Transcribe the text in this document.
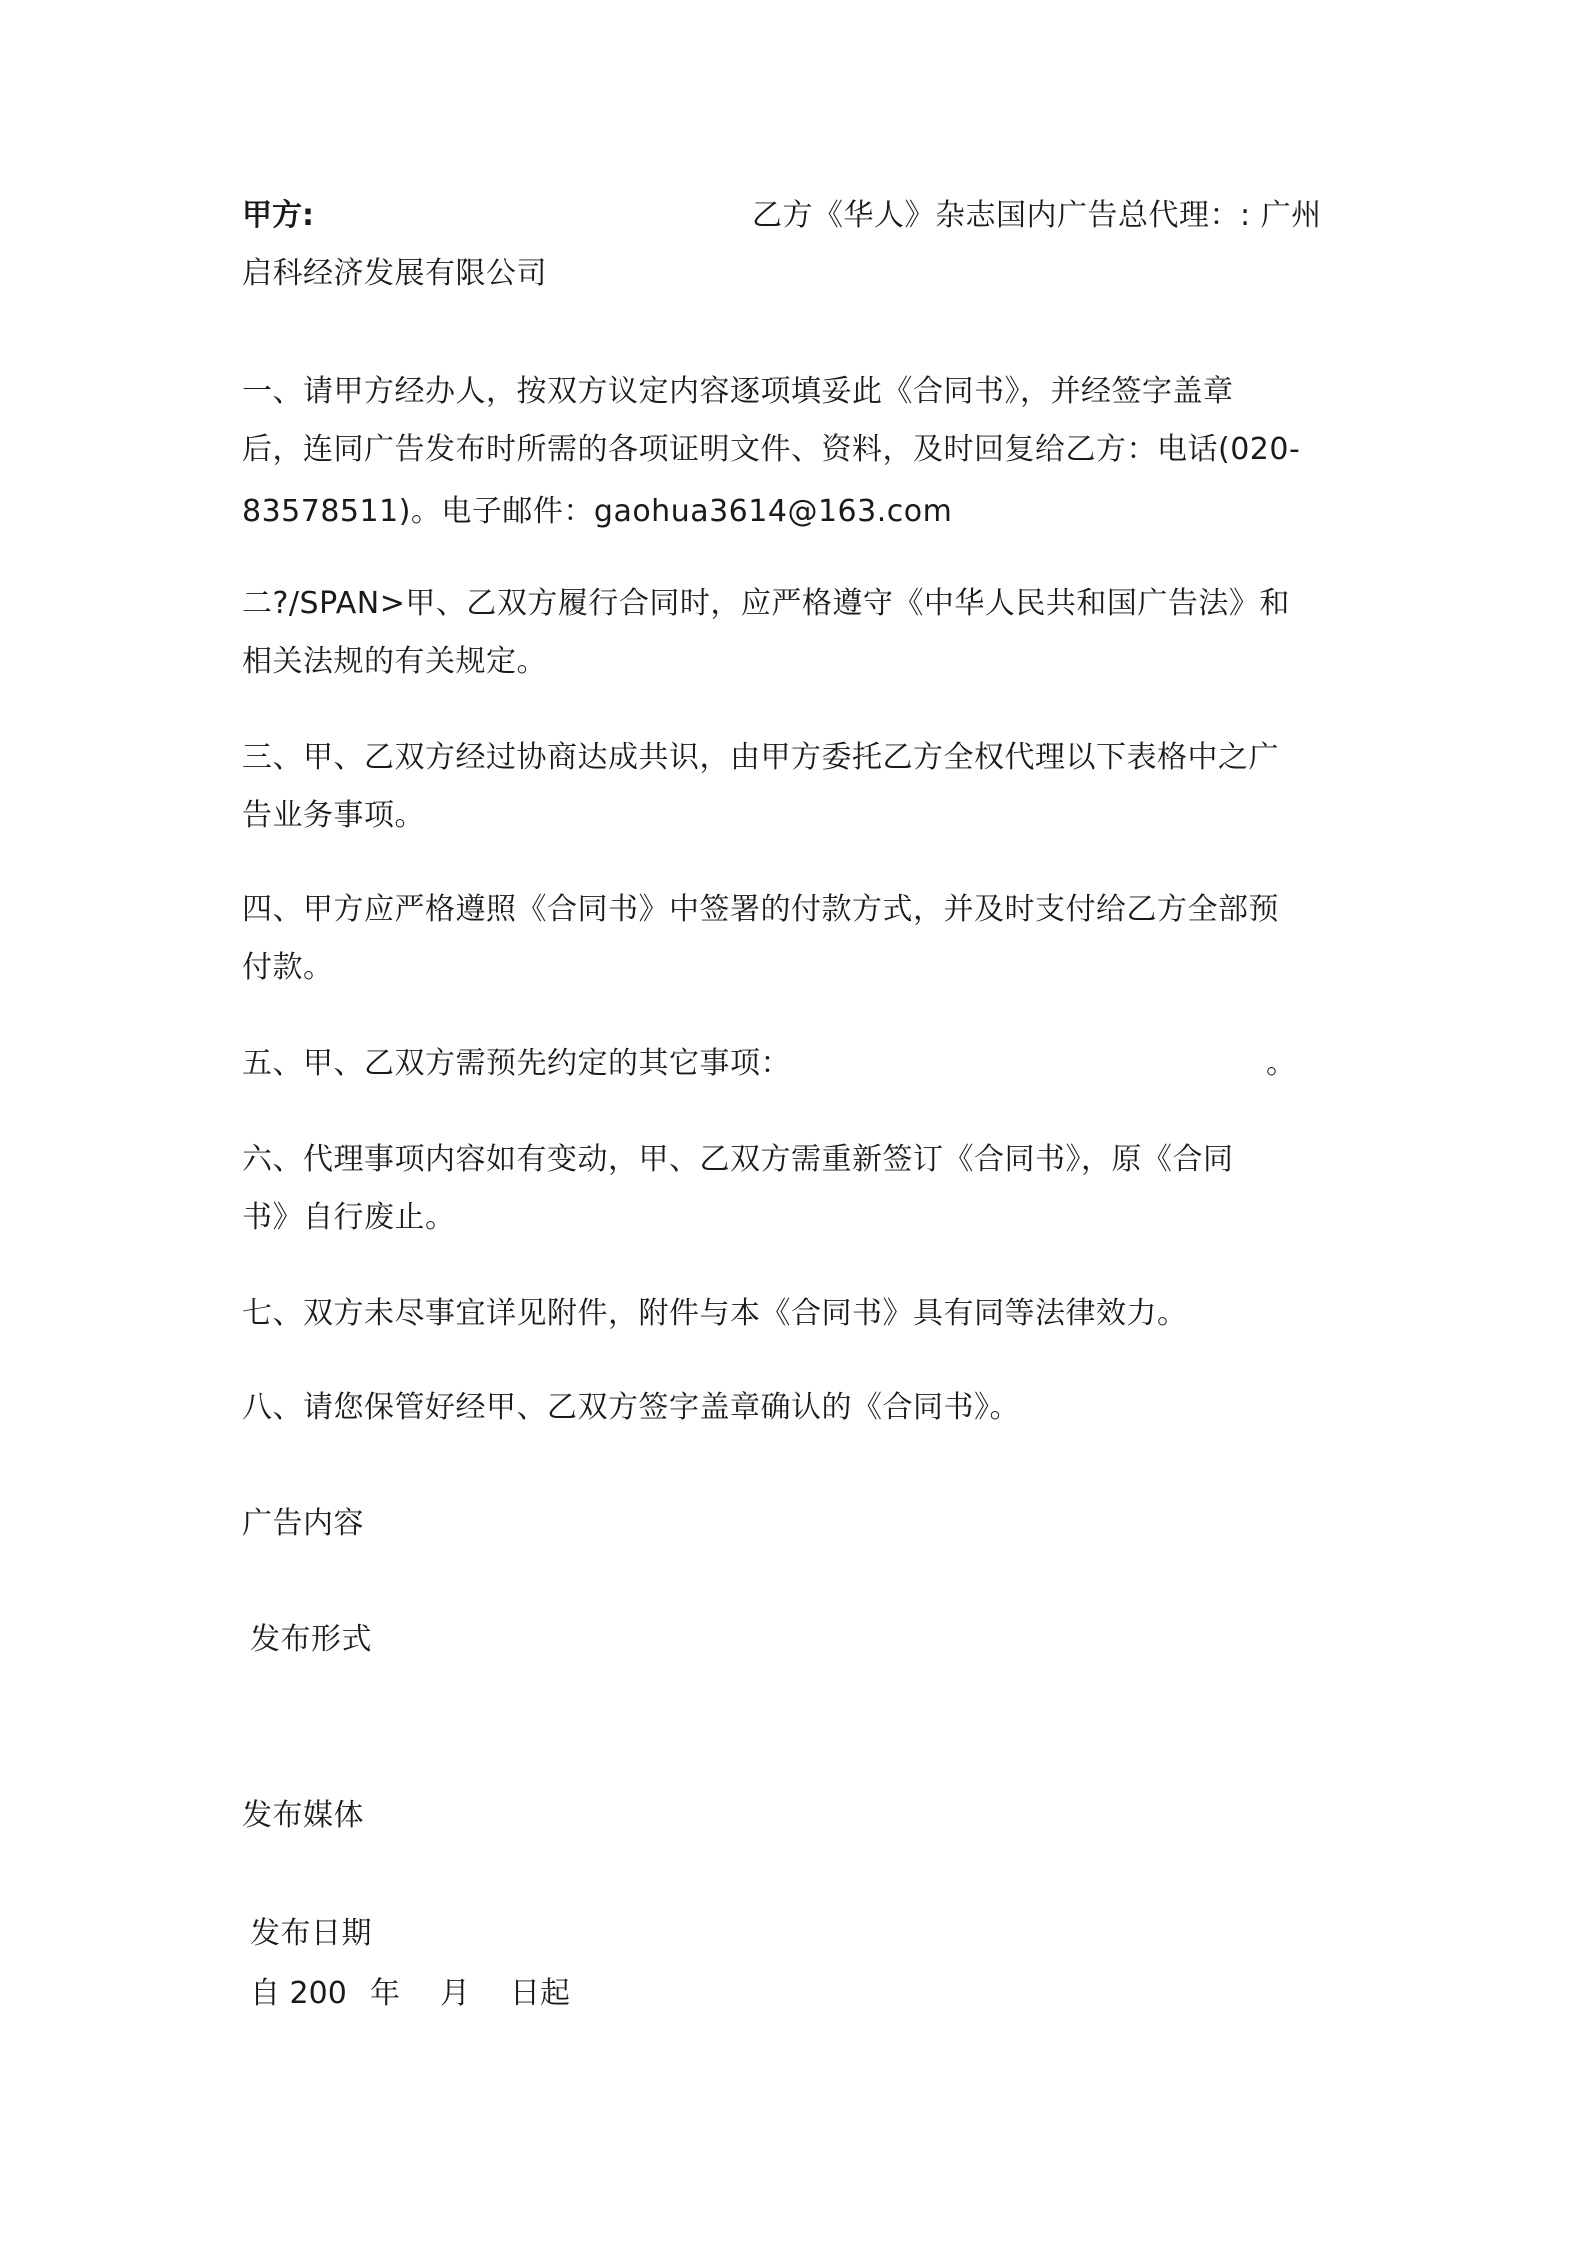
甲方:	乙方《华人》杂志国内广告总代理：: 广州
启科经济发展有限公司
一、请甲方经办人，按双方议定内容逐项填妥此《合同书》，并经签字盖章
后，连同广告发布时所需的各项证明文件、资料，及时回复给乙方：电话(020-
83578511)。电子邮件：gaohua3614@163.com
二?/SPAN>甲、乙双方履行合同时，应严格遵守《中华人民共和国广告法》和
相关法规的有关规定。
三、甲、乙双方经过协商达成共识，由甲方委托乙方全权代理以下表格中之广
告业务事项。
四、甲方应严格遵照《合同书》中签署的付款方式，并及时支付给乙方全部预
付款。
五、甲、乙双方需预先约定的其它事项：	。
六、代理事项内容如有变动，甲、乙双方需重新签订《合同书》，原《合同
书》自行废止。
七、双方未尽事宜详见附件，附件与本《合同书》具有同等法律效力。
八、请您保管好经甲、乙双方签字盖章确认的《合同书》。
广告内容
发布形式
发布媒体
发布日期
自 200 年 月 日起
